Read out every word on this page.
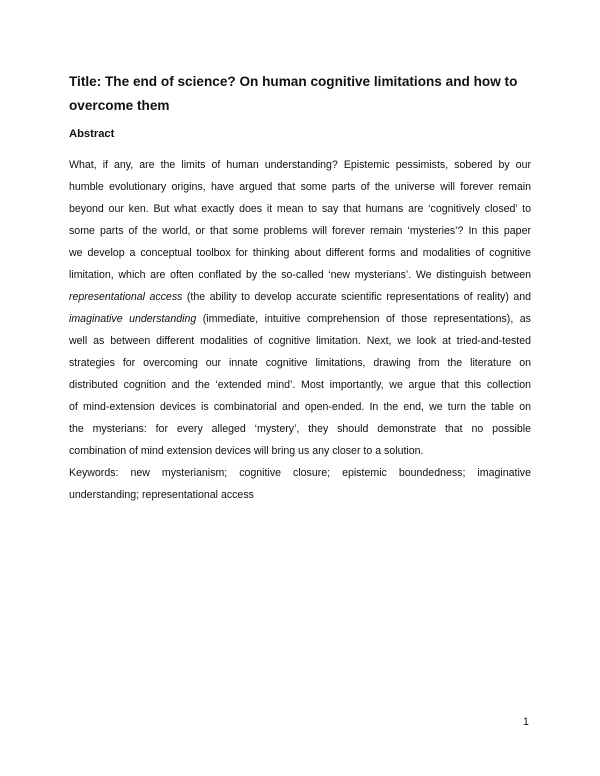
Title: The end of science? On human cognitive limitations and how to overcome them
Abstract
What, if any, are the limits of human understanding? Epistemic pessimists, sobered by our
humble evolutionary origins, have argued that some parts of the universe will forever remain
beyond our ken. But what exactly does it mean to say that humans are ‘cognitively closed’ to
some parts of the world, or that some problems will forever remain ‘mysteries’? In this paper
we develop a conceptual toolbox for thinking about different forms and modalities of cognitive
limitation, which are often conflated by the so-called ‘new mysterians’. We distinguish between
representational access (the ability to develop accurate scientific representations of reality) and
imaginative understanding (immediate, intuitive comprehension of those representations), as
well as between different modalities of cognitive limitation. Next, we look at tried-and-tested
strategies for overcoming our innate cognitive limitations, drawing from the literature on
distributed cognition and the ‘extended mind’. Most importantly, we argue that this collection
of mind-extension devices is combinatorial and open-ended. In the end, we turn the table on
the mysterians: for every alleged ‘mystery’, they should demonstrate that no possible
combination of mind extension devices will bring us any closer to a solution.
Keywords: new mysterianism; cognitive closure; epistemic boundedness; imaginative
understanding; representational access
1
